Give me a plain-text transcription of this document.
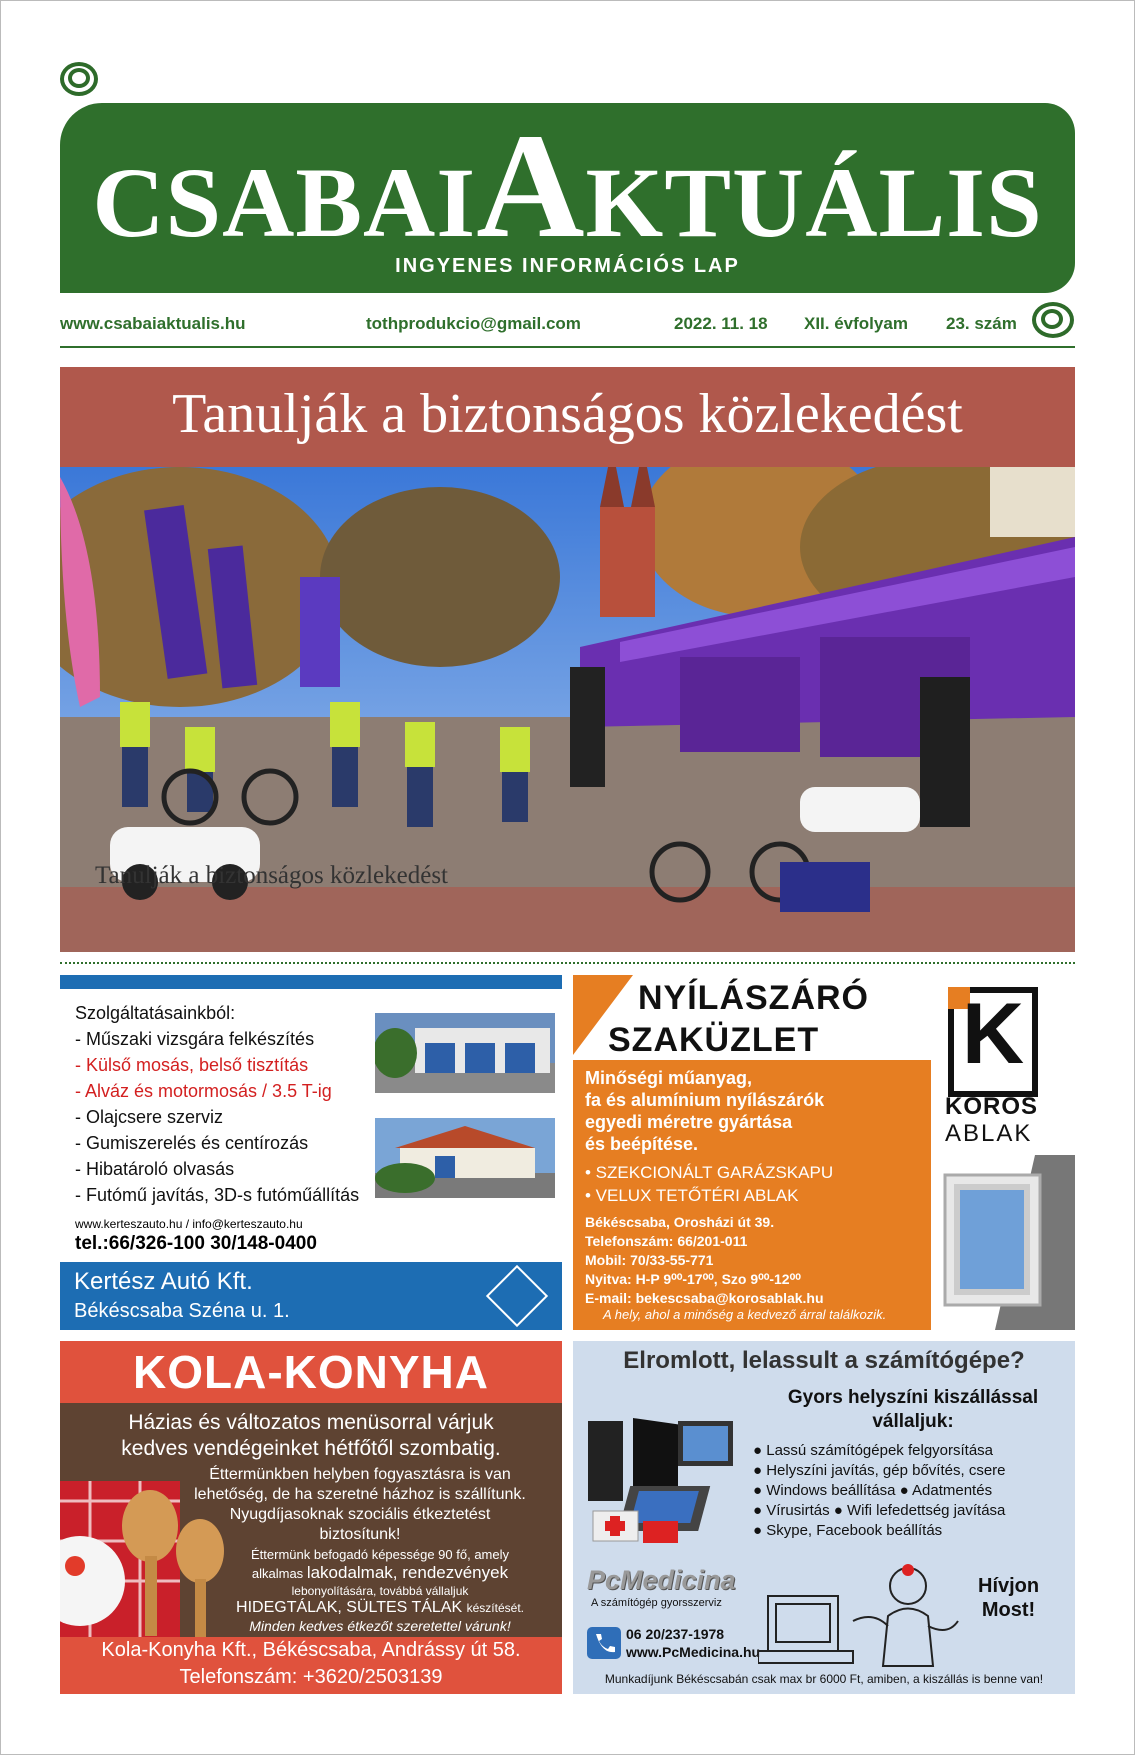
CSABAIAKTUÁLIS
INGYENES INFORMÁCIÓS LAP
www.csabaiaktualis.hu	tothprodukcio@gmail.com	2022. 11. 18 XII. évfolyam 23. szám
Tanulják a biztonságos közlekedést
Tanulják a biztonságos közlekedést
Szolgáltatásainkból:
- Műszaki vizsgára felkészítés
- Külső mosás, belső tisztítás
- Alváz és motormosás / 3.5 T-ig
- Olajcsere szerviz
- Gumiszerelés és centírozás
- Hibatároló olvasás
- Futómű javítás, 3D-s futóműállítás
www.kerteszauto.hu / info@kerteszauto.hu
tel.:66/326-100 30/148-0400
Kertész Autó Kft.
Békéscsaba Széna u. 1.
NYÍLÁSZÁRÓ
SZAKÜZLET
Minőségi műanyag,
fa és alumínium nyílászárók
egyedi méretre gyártása
és beépítése.
• SZEKCIONÁLT GARÁZSKAPU
• VELUX TETŐTÉRI ABLAK
Békéscsaba, Orosházi út 39.
Telefonszám: 66/201-011
Mobil: 70/33-55-771
Nyitva: H-P 9⁰⁰-17⁰⁰, Szo 9⁰⁰-12⁰⁰
E-mail: bekescsaba@korosablak.hu
A hely, ahol a minőség a kedvező árral találkozik.
K
KÖRÖS
ABLAK
KOLA-KONYHA
Házias és változatos menüsorral várjuk
kedves vendégeinket hétfőtől szombatig.
Éttermünkben helyben fogyasztásra is van
lehetőség, de ha szeretné házhoz is szállítunk.
Nyugdíjasoknak szociális étkeztetést
biztosítunk!
Éttermünk befogadó képessége 90 fő, amely
alkalmas lakodalmak, rendezvények
lebonyolítására, továbbá vállaljuk
HIDEGTÁLAK, SÜLTES TÁLAK készítését.
Minden kedves étkezőt szeretettel várunk!
Kola-Konyha Kft., Békéscsaba, Andrássy út 58.
Telefonszám: +3620/2503139
Elromlott, lelassult a számítógépe?
Gyors helyszíni kiszállással
vállaljuk:
● Lassú számítógépek felgyorsítása
● Helyszíni javítás, gép bővítés, csere
● Windows beállítása ● Adatmentés
● Vírusirtás ● Wifi lefedettség javítása
● Skype, Facebook beállítás
PcMedicina
A számítógép gyorsszerviz
06 20/237-1978
www.PcMedicina.hu
Hívjon
Most!
Munkadíjunk Békéscsabán csak max br 6000 Ft, amiben, a kiszállás is benne van!
